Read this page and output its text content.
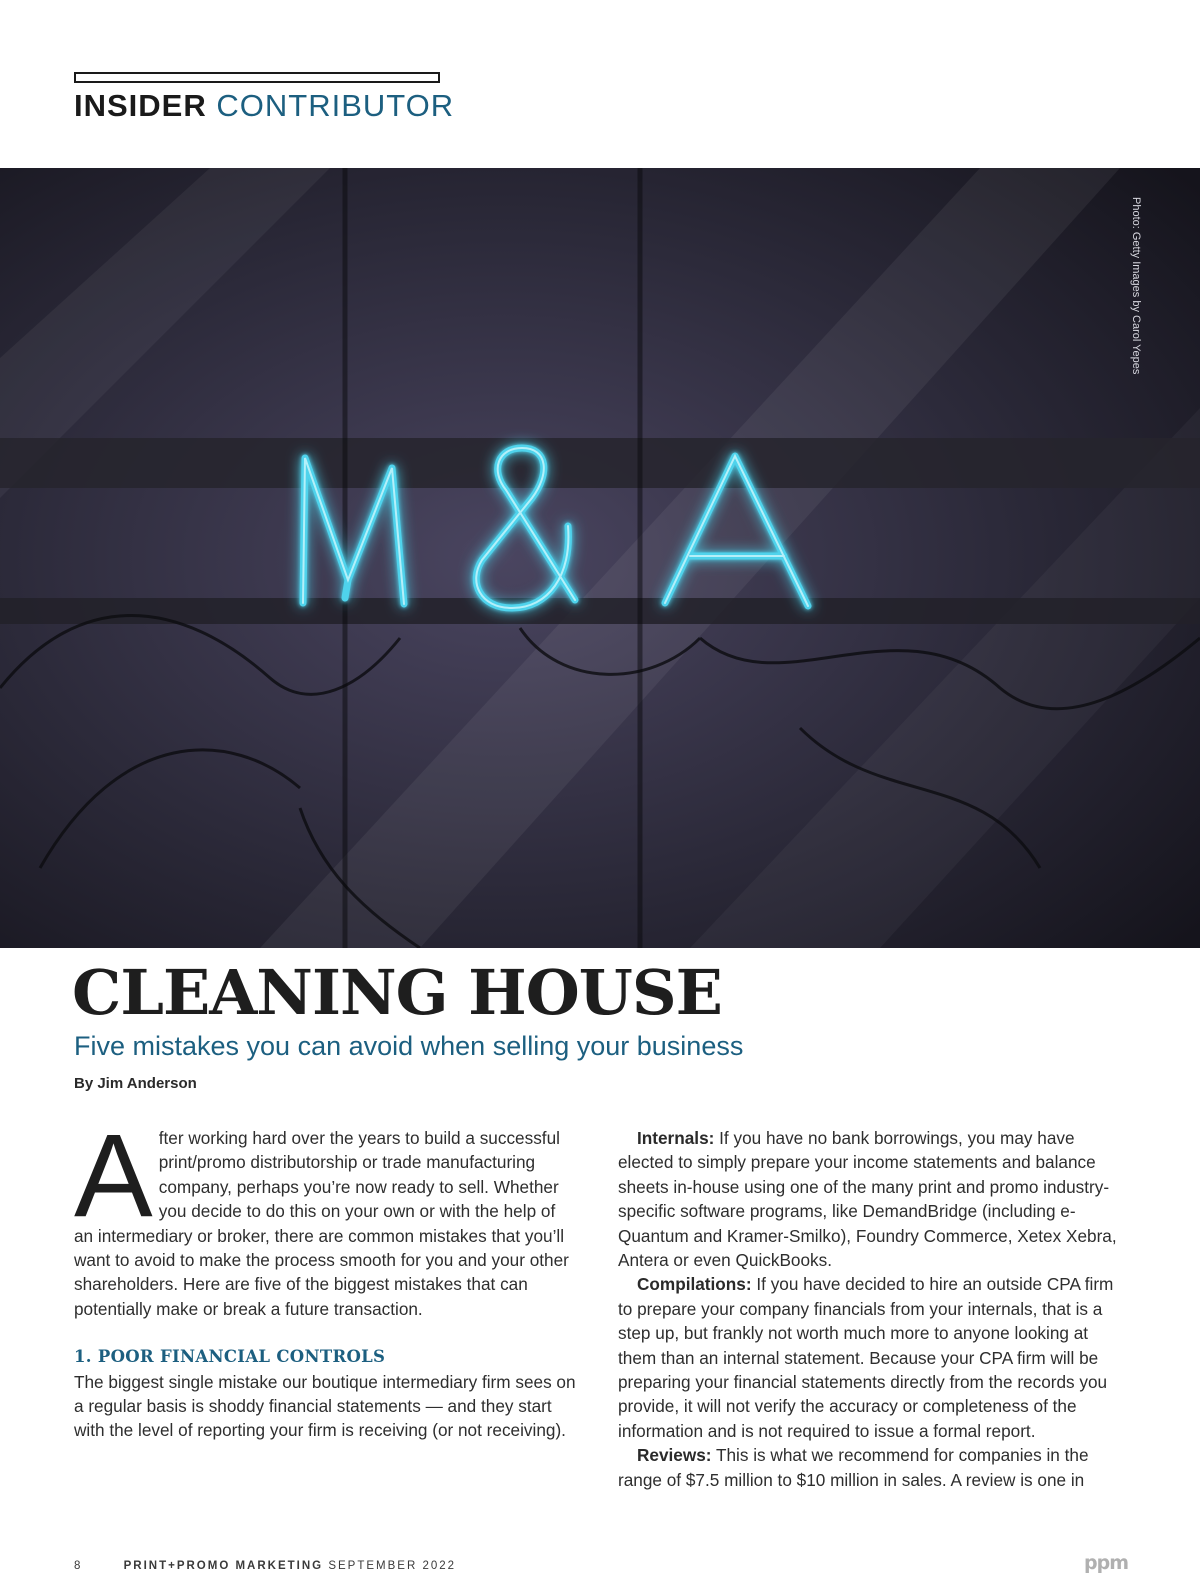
INSIDER CONTRIBUTOR
Photo: Getty Images by Carol Yepes
CLEANING HOUSE
Five mistakes you can avoid when selling your business
By Jim Anderson

After working hard over the years to build a successful print/promo distributorship or trade manufacturing company, perhaps you’re now ready to sell. Whether you decide to do this on your own or with the help of an intermediary or broker, there are common mistakes that you’ll want to avoid to make the process smooth for you and your other shareholders. Here are five of the biggest mistakes that can potentially make or break a future transaction.

1. POOR FINANCIAL CONTROLS

The biggest single mistake our boutique intermediary firm sees on a regular basis is shoddy financial statements — and they start with the level of reporting your firm is receiving (or not receiving).

Internals: If you have no bank borrowings, you may have elected to simply prepare your income statements and balance sheets in-house using one of the many print and promo industry-specific software programs, like DemandBridge (including e-Quantum and Kramer-Smilko), Foundry Commerce, Xetex Xebra, Antera or even QuickBooks.

Compilations: If you have decided to hire an outside CPA firm to prepare your company financials from your internals, that is a step up, but frankly not worth much more to anyone looking at them than an internal statement. Because your CPA firm will be preparing your financial statements directly from the records you provide, it will not verify the accuracy or completeness of the information and is not required to issue a formal report.

Reviews: This is what we recommend for companies in the range of $7.5 million to $10 million in sales. A review is one in

8	PRINT+PROMO MARKETING SEPTEMBER 2022	ppm
